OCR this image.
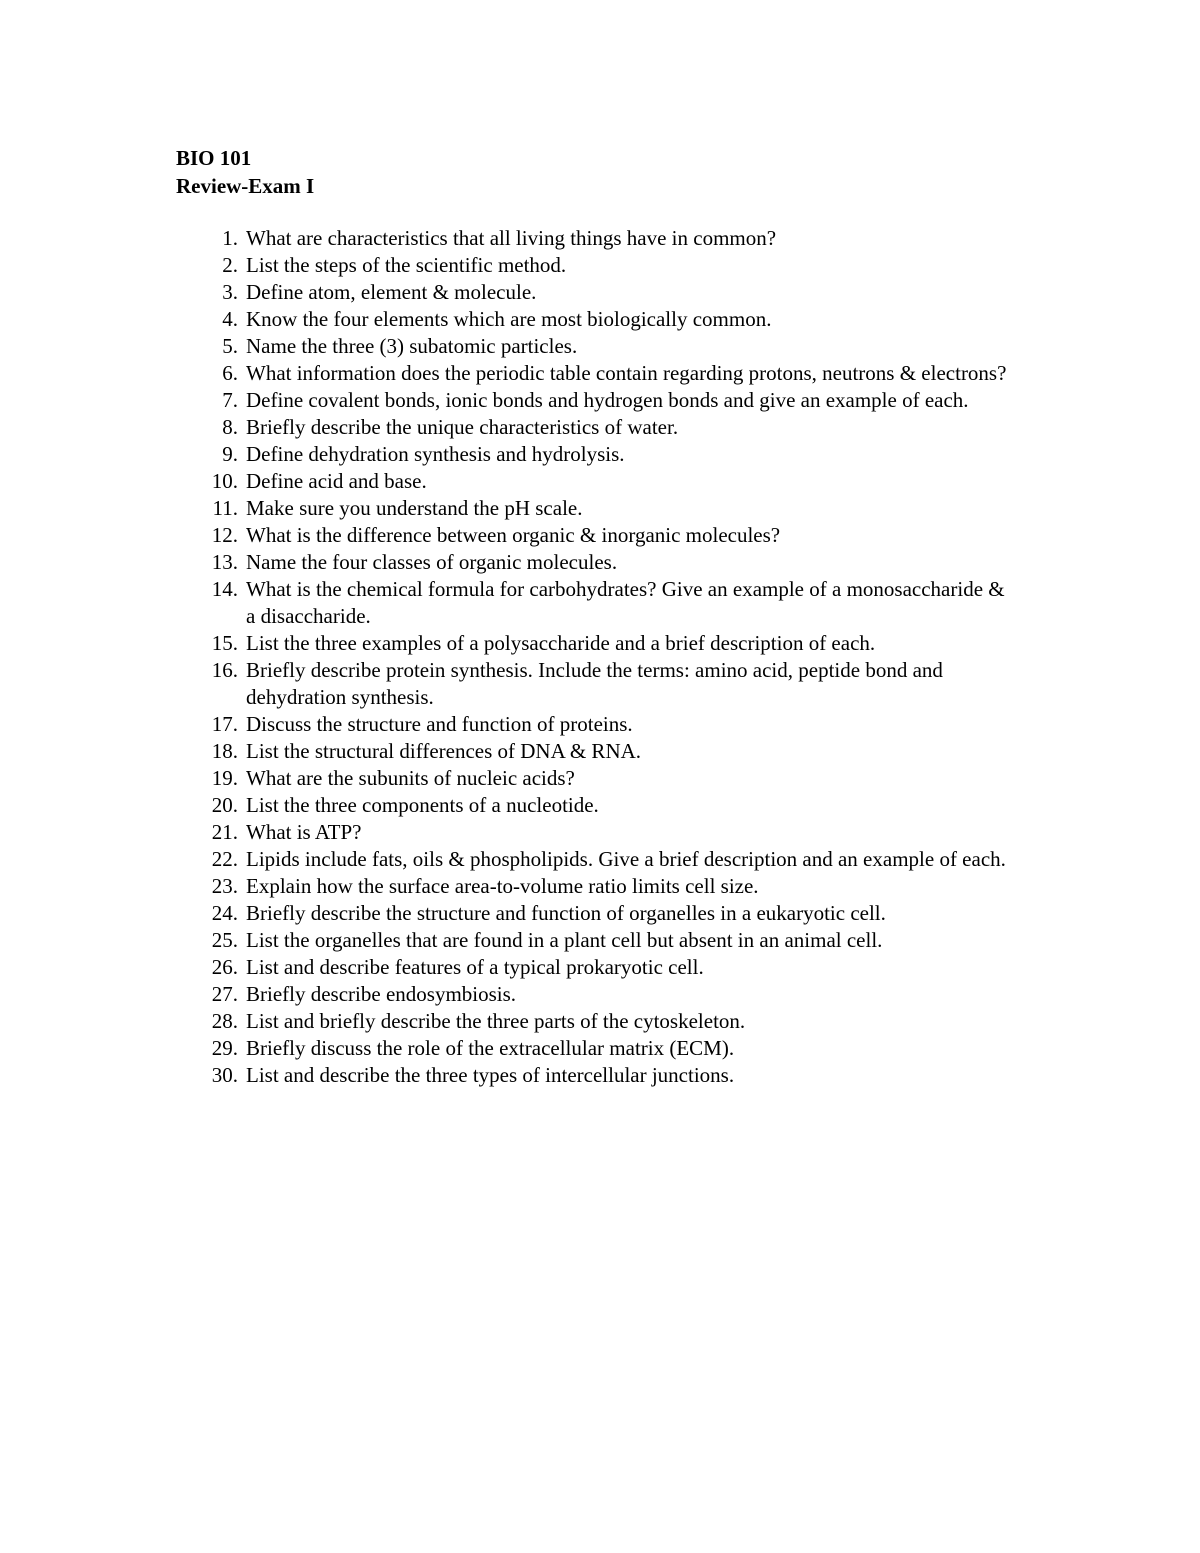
BIO 101
Review-Exam I
1. What are characteristics that all living things have in common?
2. List the steps of the scientific method.
3. Define atom, element & molecule.
4. Know the four elements which are most biologically common.
5. Name the three (3) subatomic particles.
6. What information does the periodic table contain regarding protons, neutrons & electrons?
7. Define covalent bonds, ionic bonds and hydrogen bonds and give an example of each.
8. Briefly describe the unique characteristics of water.
9. Define dehydration synthesis and hydrolysis.
10. Define acid and base.
11. Make sure you understand the pH scale.
12. What is the difference between organic & inorganic molecules?
13. Name the four classes of organic molecules.
14. What is the chemical formula for carbohydrates? Give an example of a monosaccharide & a disaccharide.
15. List the three examples of a polysaccharide and a brief description of each.
16. Briefly describe protein synthesis. Include the terms: amino acid, peptide bond and dehydration synthesis.
17. Discuss the structure and function of proteins.
18. List the structural differences of DNA & RNA.
19. What are the subunits of nucleic acids?
20. List the three components of a nucleotide.
21. What is ATP?
22. Lipids include fats, oils & phospholipids. Give a brief description and an example of each.
23. Explain how the surface area-to-volume ratio limits cell size.
24. Briefly describe the structure and function of organelles in a eukaryotic cell.
25. List the organelles that are found in a plant cell but absent in an animal cell.
26. List and describe features of a typical prokaryotic cell.
27. Briefly describe endosymbiosis.
28. List and briefly describe the three parts of the cytoskeleton.
29. Briefly discuss the role of the extracellular matrix (ECM).
30. List and describe the three types of intercellular junctions.
